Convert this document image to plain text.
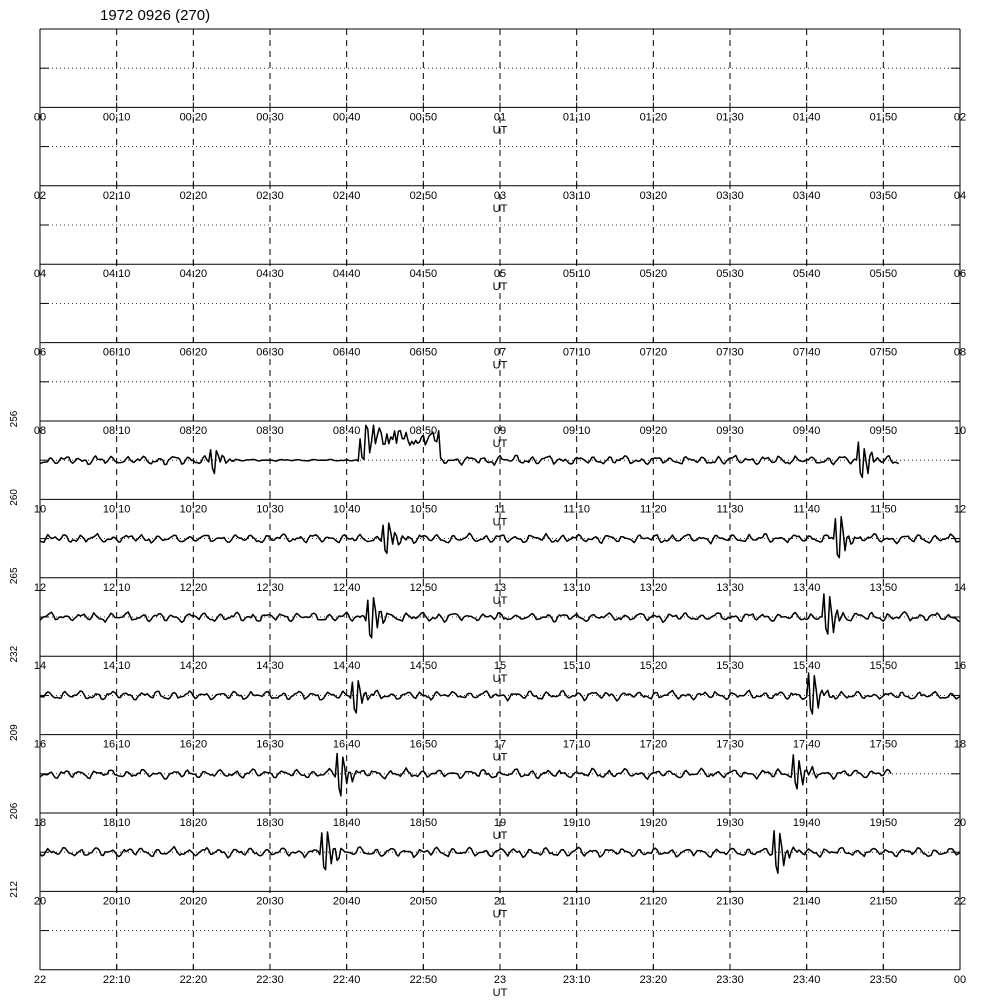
1972 0926 (270)
00	00:10	00:20	00:30	00:40	00:50	01	01:10	01:20	01:30	01:40	01:50	02
UT
02	02:10	02:20	02:30	02:40	02:50	03	03:10	03:20	03:30	03:40	03:50	04
UT
04	04:10	04:20	04:30	04:40	04:50	05	05:10	05:20	05:30	05:40	05:50	06
UT
06	06:10	06:20	06:30	06:40	06:50	07	07:10	07:20	07:30	07:40	07:50	08
UT
08	08:10	08:20	08:30	08:40	08:50	09	09:10	09:20	09:30	09:40	09:50	10
UT
256
10	10:10	10:20	10:30	10:40	10:50	11	11:10	11:20	11:30	11:40	11:50	12
UT
260
12	12:10	12:20	12:30	12:40	12:50	13	13:10	13:20	13:30	13:40	13:50	14
UT
265
14	14:10	14:20	14:30	14:40	14:50	15	15:10	15:20	15:30	15:40	15:50	16
UT
232
16	16:10	16:20	16:30	16:40	16:50	17	17:10	17:20	17:30	17:40	17:50	18
UT
209
18	18:10	18:20	18:30	18:40	18:50	19	19:10	19:20	19:30	19:40	19:50	20
UT
206
20	20:10	20:20	20:30	20:40	20:50	21	21:10	21:20	21:30	21:40	21:50	22
UT
212
22	22:10	22:20	22:30	22:40	22:50	23	23:10	23:20	23:30	23:40	23:50	00
UT
